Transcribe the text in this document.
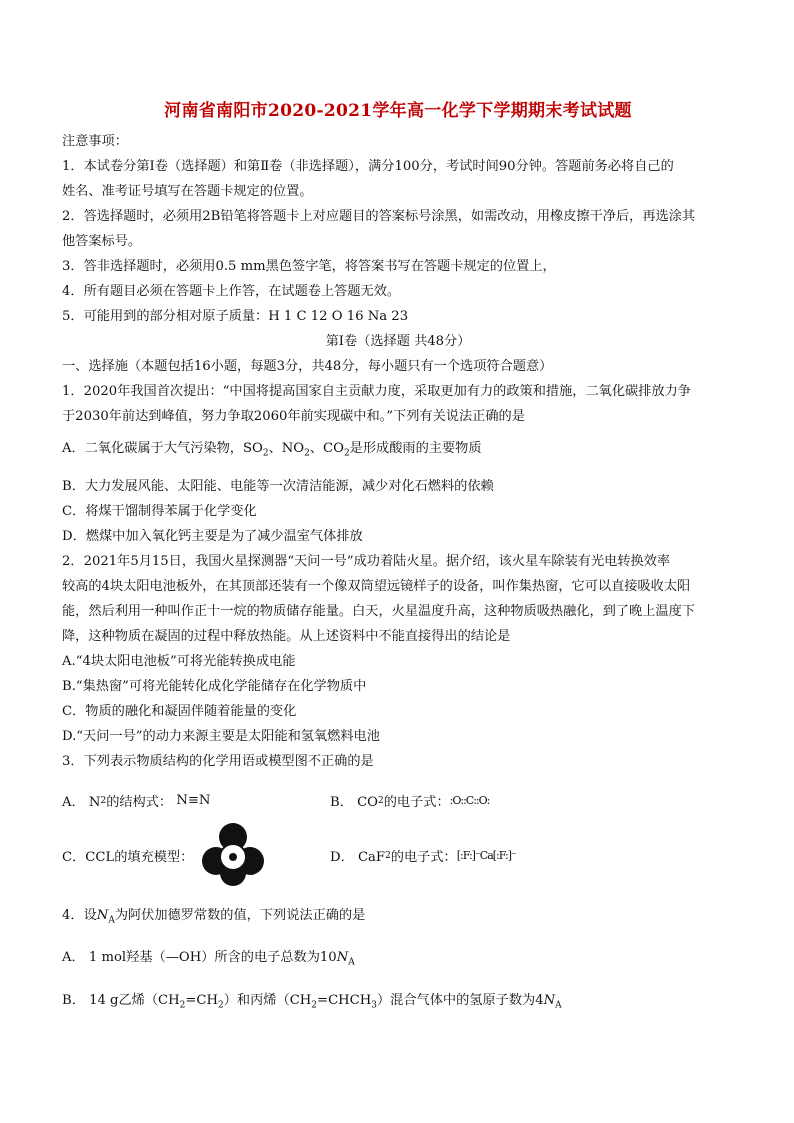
河南省南阳市2020-2021学年高一化学下学期期末考试试题
注意事项：
1．本试卷分第Ⅰ卷（选择题）和第Ⅱ卷（非选择题），满分100分，考试时间90分钟。答题前务必将自己的
姓名、准考证号填写在答题卡规定的位置。
2．答选择题时，必须用2B铅笔将答题卡上对应题目的答案标号涂黑，如需改动，用橡皮擦干净后，再选涂其
他答案标号。
3．答非选择题时，必须用0.5 mm黑色签字笔，将答案书写在答题卡规定的位置上，
4．所有题目必须在答题卡上作答，在试题卷上答题无效。
5．可能用到的部分相对原子质量：H 1 C 12 O 16 Na 23
第Ⅰ卷（选择题 共48分）
一、选择施（本题包括16小题，每题3分，共48分，每小题只有一个选项符合题意）
1．2020年我国首次提出：“中国将提高国家自主贡献力度，采取更加有力的政策和措施，二氧化碳排放力争
于2030年前达到峰值，努力争取2060年前实现碳中和。”下列有关说法正确的是
A．二氧化碳属于大气污染物，$SO_2$、$NO_2$、$CO_2$是形成酸雨的主要物质
B．大力发展风能、太阳能、电能等一次清洁能源，减少对化石燃料的依赖
C．将煤干馏制得苯属于化学变化
D．燃煤中加入氧化钙主要是为了减少温室气体排放
2．2021年5月15日，我国火星探测器“天问一号”成功着陆火星。据介绍，该火星车除装有光电转换效率
较高的4块太阳电池板外，在其顶部还装有一个像双筒望远镜样子的设备，叫作集热窗，它可以直接吸收太阳
能，然后利用一种叫作正十一烷的物质储存能量。白天，火星温度升高，这种物质吸热融化，到了晚上温度下
降，这种物质在凝固的过程中释放热能。从上述资料中不能直接得出的结论是
A.“4块太阳电池板”可将光能转换成电能
B.“集热窗”可将光能转化成化学能储存在化学物质中
C．物质的融化和凝固伴随着能量的变化
D.“天问一号”的动力来源主要是太阳能和氢氧燃料电池
3．下列表示物质结构的化学用语或模型图不正确的是
A． N 2 的结构式：
N≡N	B． CO 2 的电子式： :O::C::O:
C．CCL的填充模型：	D． CaF 2 的电子式： [:F:]⁻Ca[:F:]⁻
4．设$N_A$为阿伏加德罗常数的值，下列说法正确的是
A． 1 mol羟基（—OH）所含的电子总数为$10N_A$
B． 14 g乙烯$(CH_2=CH_2)$和丙烯$(CH_2=CHCH_3)$混合气体中的氢原子数为$4N_A$
